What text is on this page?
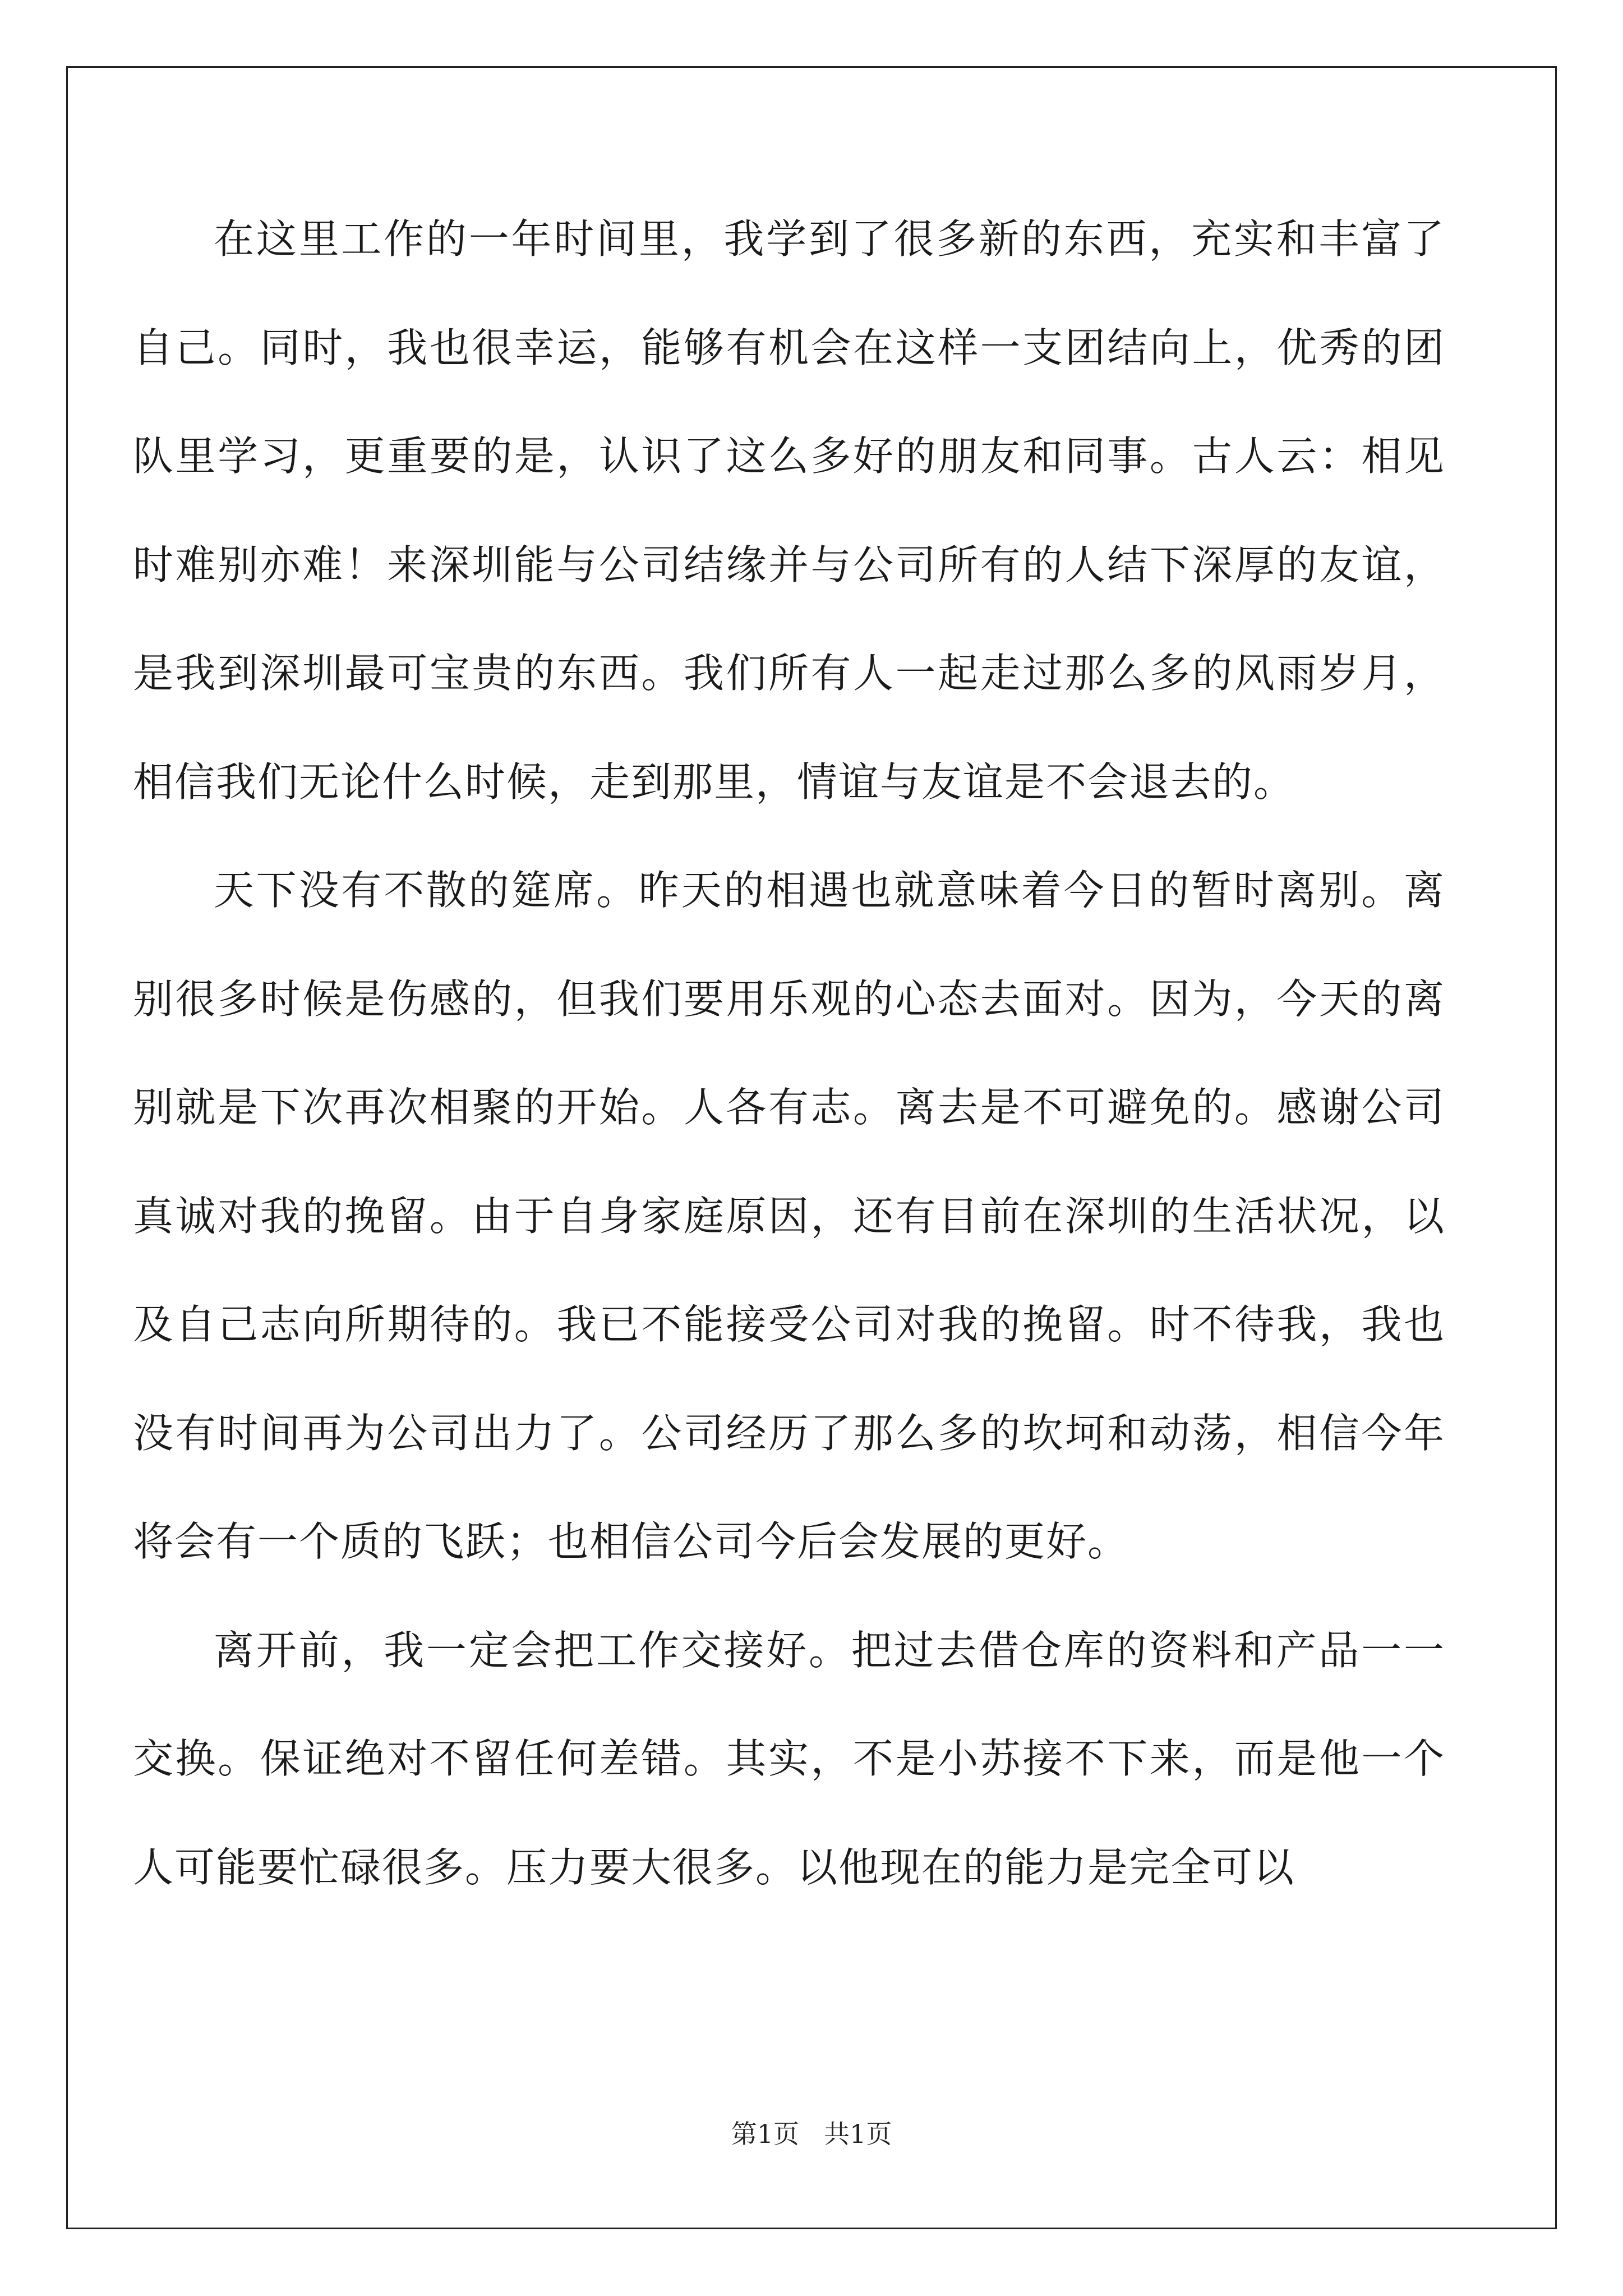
在这里工作的一年时间里，我学到了很多新的东西，充实和丰富了自己。同时，我也很幸运，能够有机会在这样一支团结向上，优秀的团队里学习，更重要的是，认识了这么多好的朋友和同事。古人云：相见时难别亦难！来深圳能与公司结缘并与公司所有的人结下深厚的友谊，是我到深圳最可宝贵的东西。我们所有人一起走过那么多的风雨岁月，相信我们无论什么时候，走到那里，情谊与友谊是不会退去的。

天下没有不散的筵席。昨天的相遇也就意味着今日的暂时离别。离别很多时候是伤感的，但我们要用乐观的心态去面对。因为，今天的离别就是下次再次相聚的开始。人各有志。离去是不可避免的。感谢公司真诚对我的挽留。由于自身家庭原因，还有目前在深圳的生活状况，以及自己志向所期待的。我已不能接受公司对我的挽留。时不待我，我也没有时间再为公司出力了。公司经历了那么多的坎坷和动荡，相信今年将会有一个质的飞跃；也相信公司今后会发展的更好。

离开前，我一定会把工作交接好。把过去借仓库的资料和产品一一交换。保证绝对不留任何差错。其实，不是小苏接不下来，而是他一个人可能要忙碌很多。压力要大很多。以他现在的能力是完全可以

第1页 共1页
